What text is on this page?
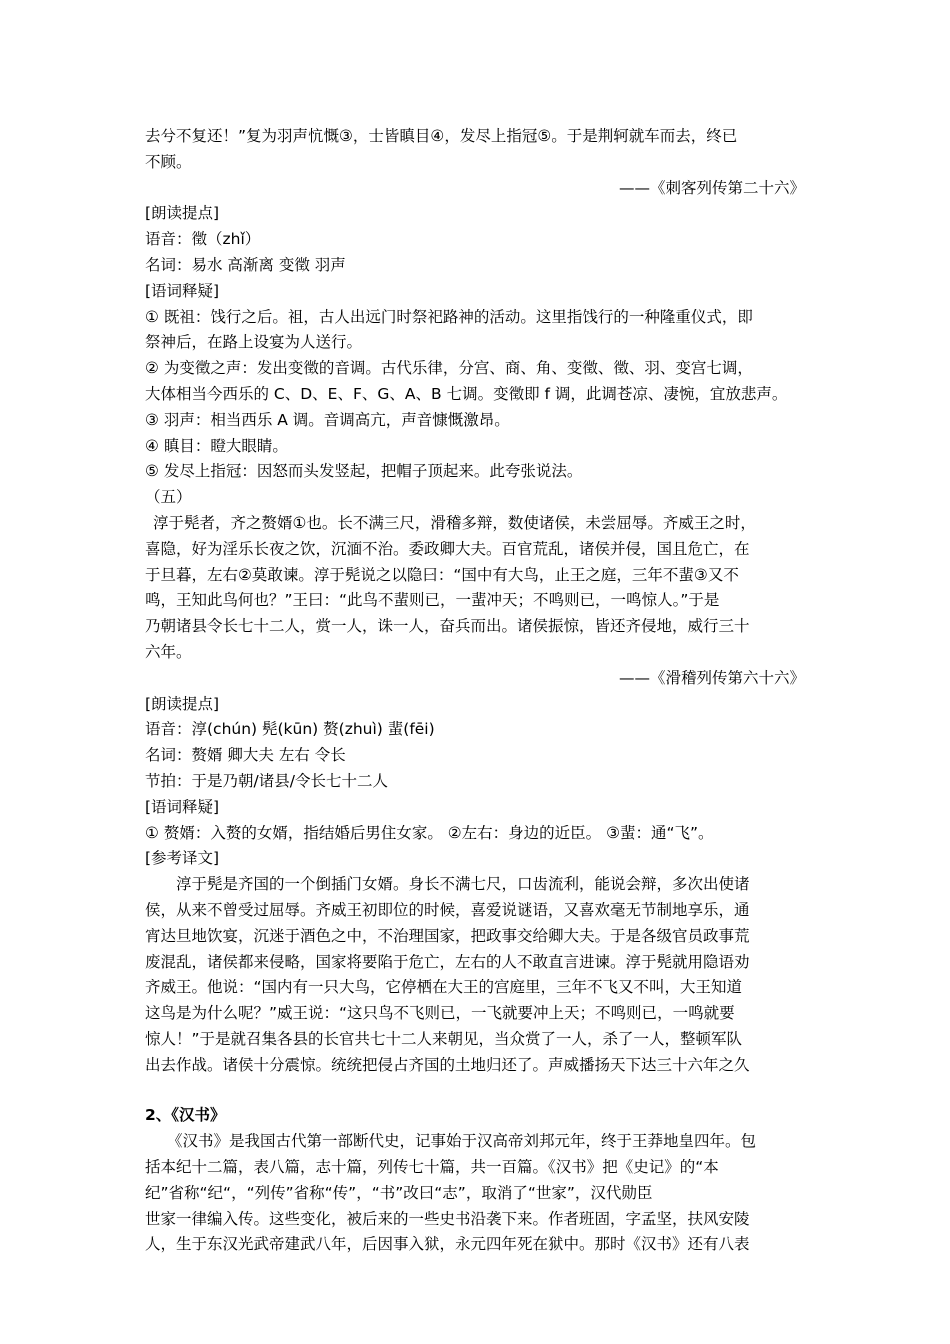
去兮不复还！”复为羽声忼慨③，士皆瞋目④，发尽上指冠⑤。于是荆轲就车而去，终已

不顾。

——《刺客列传第二十六》

[朗读提点]

语音：徵（zhǐ）

名词：易水 高渐离 变徵 羽声

[语词释疑]

① 既祖：饯行之后。祖，古人出远门时祭祀路神的活动。这里指饯行的一种隆重仪式，即

祭神后，在路上设宴为人送行。

② 为变徵之声：发出变徵的音调。古代乐律，分宫、商、角、变徵、徵、羽、变宫七调，

大体相当今西乐的 C、D、E、F、G、A、B 七调。变徵即 f 调，此调苍凉、凄惋，宜放悲声。

③ 羽声：相当西乐 A 调。音调高亢，声音慷慨激昂。

④ 瞋目：瞪大眼睛。

⑤ 发尽上指冠：因怒而头发竖起，把帽子顶起来。此夸张说法。

（五）

淳于髡者，齐之赘婿①也。长不满三尺，滑稽多辩，数使诸侯，未尝屈辱。齐威王之时，

喜隐，好为淫乐长夜之饮，沉湎不治。委政卿大夫。百官荒乱，诸侯并侵，国且危亡，在

于旦暮，左右②莫敢谏。淳于髡说之以隐曰：“国中有大鸟，止王之庭，三年不蜚③又不

鸣，王知此鸟何也？”王曰：“此鸟不蜚则已，一蜚冲天；不鸣则已，一鸣惊人。”于是

乃朝诸县令长七十二人，赏一人，诛一人，奋兵而出。诸侯振惊，皆还齐侵地，威行三十

六年。

——《滑稽列传第六十六》

[朗读提点]

语音：淳(chún) 髡(kūn) 赘(zhuì) 蜚(fēi)

名词：赘婿 卿大夫 左右 令长

节拍：于是乃朝/诸县/令长七十二人

[语词释疑]

① 赘婿：入赘的女婿，指结婚后男住女家。 ②左右：身边的近臣。 ③蜚：通“飞”。

[参考译文]

淳于髡是齐国的一个倒插门女婿。身长不满七尺，口齿流利，能说会辩，多次出使诸

侯，从来不曾受过屈辱。齐威王初即位的时候，喜爱说谜语，又喜欢毫无节制地享乐，通

宵达旦地饮宴，沉迷于酒色之中，不治理国家，把政事交给卿大夫。于是各级官员政事荒

废混乱，诸侯都来侵略，国家将要陷于危亡，左右的人不敢直言进谏。淳于髡就用隐语劝

齐威王。他说：“国内有一只大鸟，它停栖在大王的宫庭里，三年不飞又不叫，大王知道

这鸟是为什么呢？”威王说：“这只鸟不飞则已，一飞就要冲上天；不鸣则已，一鸣就要

惊人！”于是就召集各县的长官共七十二人来朝见，当众赏了一人，杀了一人，整顿军队

出去作战。诸侯十分震惊。统统把侵占齐国的土地归还了。声威播扬天下达三十六年之久

2、《汉书》

《汉书》是我国古代第一部断代史，记事始于汉高帝刘邦元年，终于王莽地皇四年。包

括本纪十二篇，表八篇，志十篇，列传七十篇，共一百篇。《汉书》把《史记》的“本

纪”省称“纪“，“列传”省称“传”，“书”改曰“志”，取消了“世家”，汉代勋臣

世家一律编入传。这些变化，被后来的一些史书沿袭下来。作者班固，字孟坚，扶风安陵

人，生于东汉光武帝建武八年，后因事入狱，永元四年死在狱中。那时《汉书》还有八表
